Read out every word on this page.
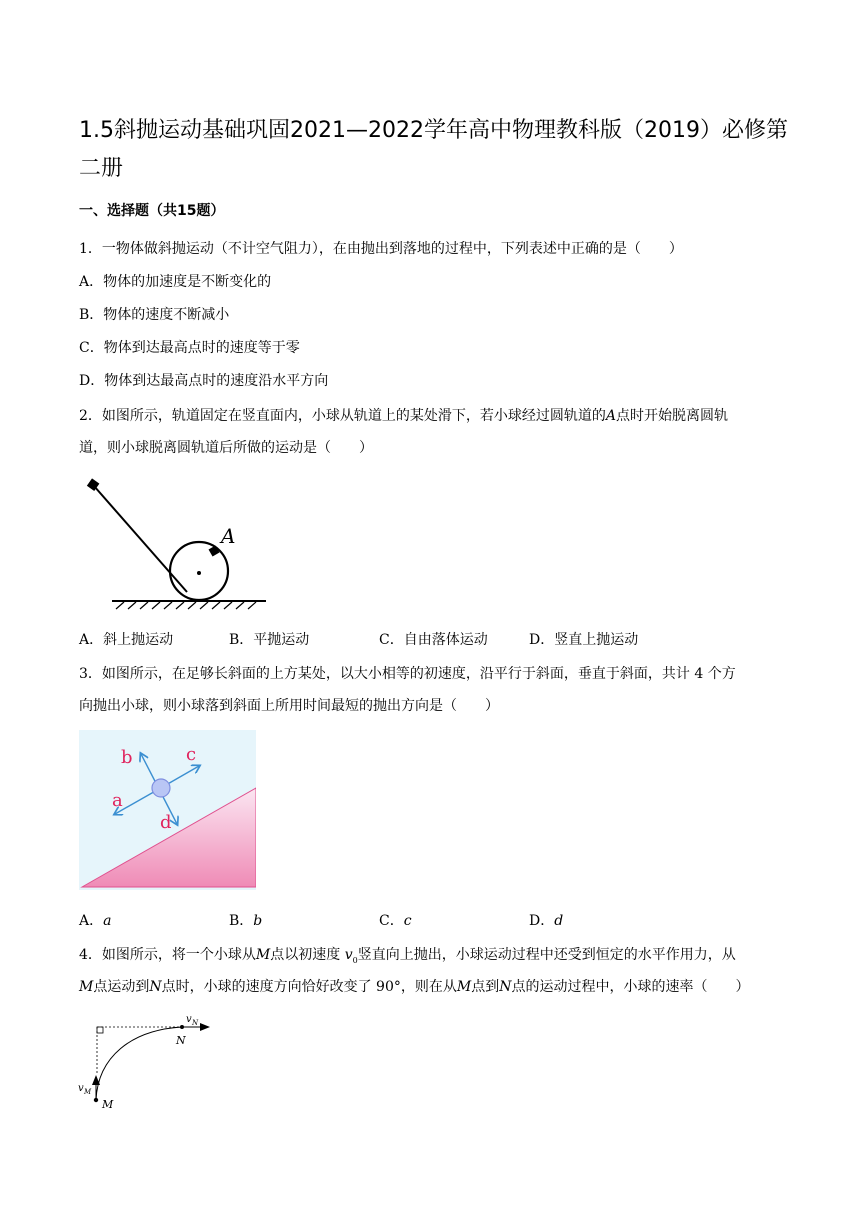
1.5斜抛运动基础巩固2021—2022学年高中物理教科版（2019）必修第二册
一、选择题（共15题）
1．一物体做斜抛运动（不计空气阻力），在由抛出到落地的过程中，下列表述中正确的是（　　）
A．物体的加速度是不断变化的
B．物体的速度不断减小
C．物体到达最高点时的速度等于零
D．物体到达最高点时的速度沿水平方向
2．如图所示，轨道固定在竖直面内，小球从轨道上的某处滑下，若小球经过圆轨道的A点时开始脱离圆轨
道，则小球脱离圆轨道后所做的运动是（　　）
A
A．斜上抛运动	B．平抛运动	C．自由落体运动	D．竖直上抛运动
3．如图所示，在足够长斜面的上方某处，以大小相等的初速度，沿平行于斜面，垂直于斜面，共计 4 个方
向抛出小球，则小球落到斜面上所用时间最短的抛出方向是（　　）
b	c
a
d
A．a	B．b	C．c	D．d
4．如图所示，将一个小球从M点以初速度 $v_0$竖直向上抛出，小球运动过程中还受到恒定的水平作用力，从
M点运动到N点时，小球的速度方向恰好改变了 90°，则在从M点到N点的运动过程中，小球的速率（　　）
v N
N
v M
M
